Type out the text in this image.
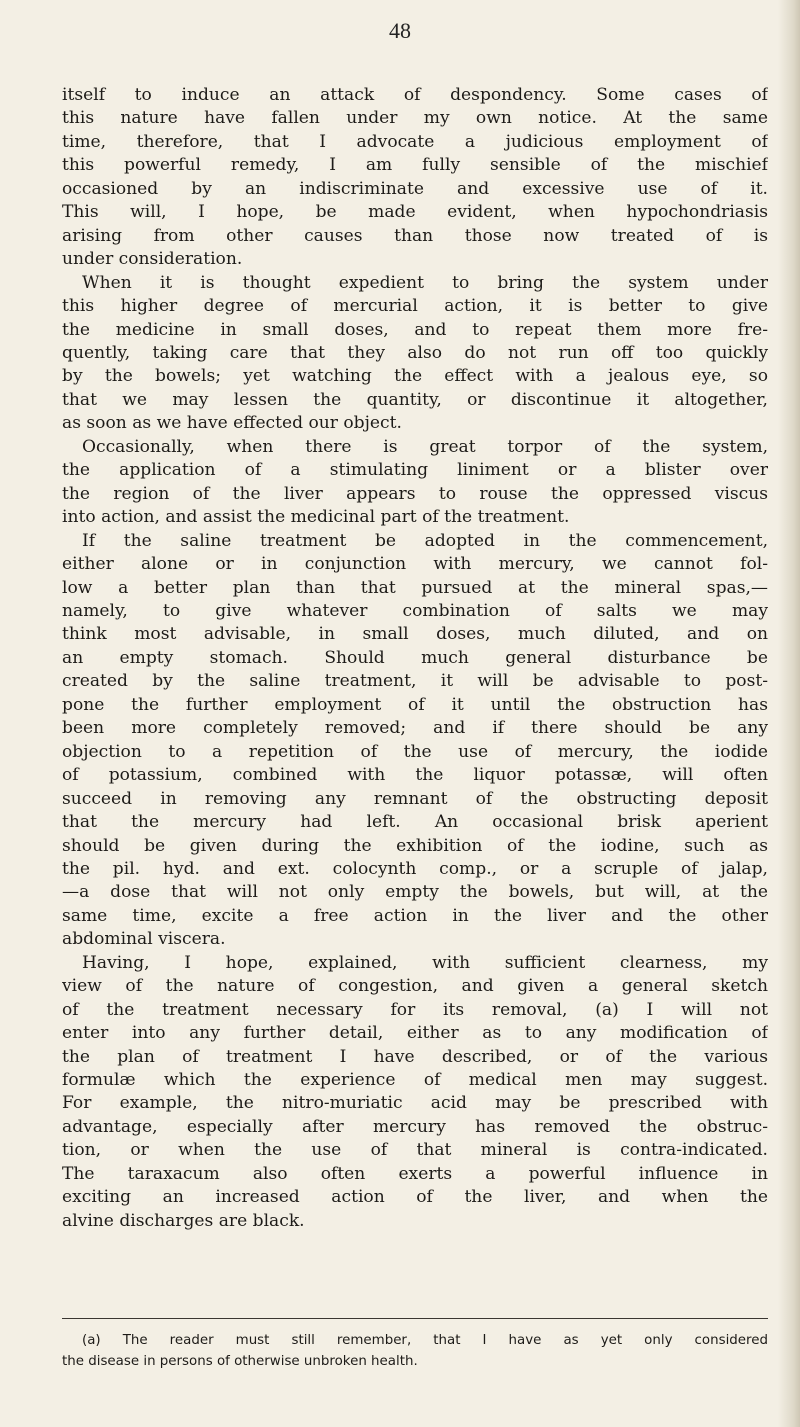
48
itself to induce an attack of despondency. Some cases of
this nature have fallen under my own notice. At the same
time, therefore, that I advocate a judicious employment of
this powerful remedy, I am fully sensible of the mischief
occasioned by an indiscriminate and excessive use of it.
This will, I hope, be made evident, when hypochondriasis
arising from other causes than those now treated of is
under consideration.
When it is thought expedient to bring the system under
this higher degree of mercurial action, it is better to give
the medicine in small doses, and to repeat them more fre-
quently, taking care that they also do not run off too quickly
by the bowels; yet watching the effect with a jealous eye, so
that we may lessen the quantity, or discontinue it altogether,
as soon as we have effected our object.
Occasionally, when there is great torpor of the system,
the application of a stimulating liniment or a blister over
the region of the liver appears to rouse the oppressed viscus
into action, and assist the medicinal part of the treatment.
If the saline treatment be adopted in the commencement,
either alone or in conjunction with mercury, we cannot fol-
low a better plan than that pursued at the mineral spas,—
namely, to give whatever combination of salts we may
think most advisable, in small doses, much diluted, and on
an empty stomach. Should much general disturbance be
created by the saline treatment, it will be advisable to post-
pone the further employment of it until the obstruction has
been more completely removed; and if there should be any
objection to a repetition of the use of mercury, the iodide
of potassium, combined with the liquor potassæ, will often
succeed in removing any remnant of the obstructing deposit
that the mercury had left. An occasional brisk aperient
should be given during the exhibition of the iodine, such as
the pil. hyd. and ext. colocynth comp., or a scruple of jalap,
—a dose that will not only empty the bowels, but will, at the
same time, excite a free action in the liver and the other
abdominal viscera.
Having, I hope, explained, with sufficient clearness, my
view of the nature of congestion, and given a general sketch
of the treatment necessary for its removal, (a) I will not
enter into any further detail, either as to any modification of
the plan of treatment I have described, or of the various
formulæ which the experience of medical men may suggest.
For example, the nitro-muriatic acid may be prescribed with
advantage, especially after mercury has removed the obstruc-
tion, or when the use of that mineral is contra-indicated.
The taraxacum also often exerts a powerful influence in
exciting an increased action of the liver, and when the
alvine discharges are black.
(a) The reader must still remember, that I have as yet only considered
the disease in persons of otherwise unbroken health.
